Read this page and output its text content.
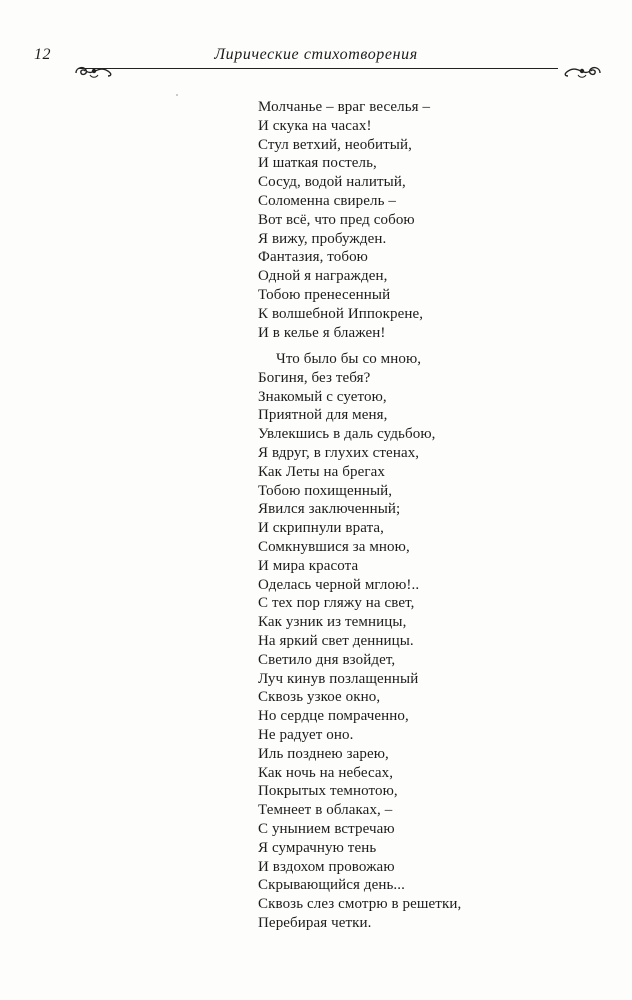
12	Лирические стихотворения
Молчанье – враг веселья –
И скука на часах!
Стул ветхий, необитый,
И шаткая постель,
Сосуд, водой налитый,
Соломенна свирель –
Вот всё, что пред собою
Я вижу, пробужден.
Фантазия, тобою
Одной я награжден,
Тобою пренесенный
К волшебной Иппокрене,
И в келье я блажен!
Что было бы со мною,
Богиня, без тебя?
Знакомый с суетою,
Приятной для меня,
Увлекшись в даль судьбою,
Я вдруг, в глухих стенах,
Как Леты на брегах
Тобою похищенный,
Явился заключенный;
И скрипнули врата,
Сомкнувшися за мною,
И мира красота
Оделась черной мглою!..
С тех пор гляжу на свет,
Как узник из темницы,
На яркий свет денницы.
Светило дня взойдет,
Луч кинув позлащенный
Сквозь узкое окно,
Но сердце помраченно,
Не радует оно.
Иль позднею зарею,
Как ночь на небесах,
Покрытых темнотою,
Темнеет в облаках, –
С унынием встречаю
Я сумрачную тень
И вздохом провожаю
Скрывающийся день...
Сквозь слез смотрю в решетки,
Перебирая четки.
